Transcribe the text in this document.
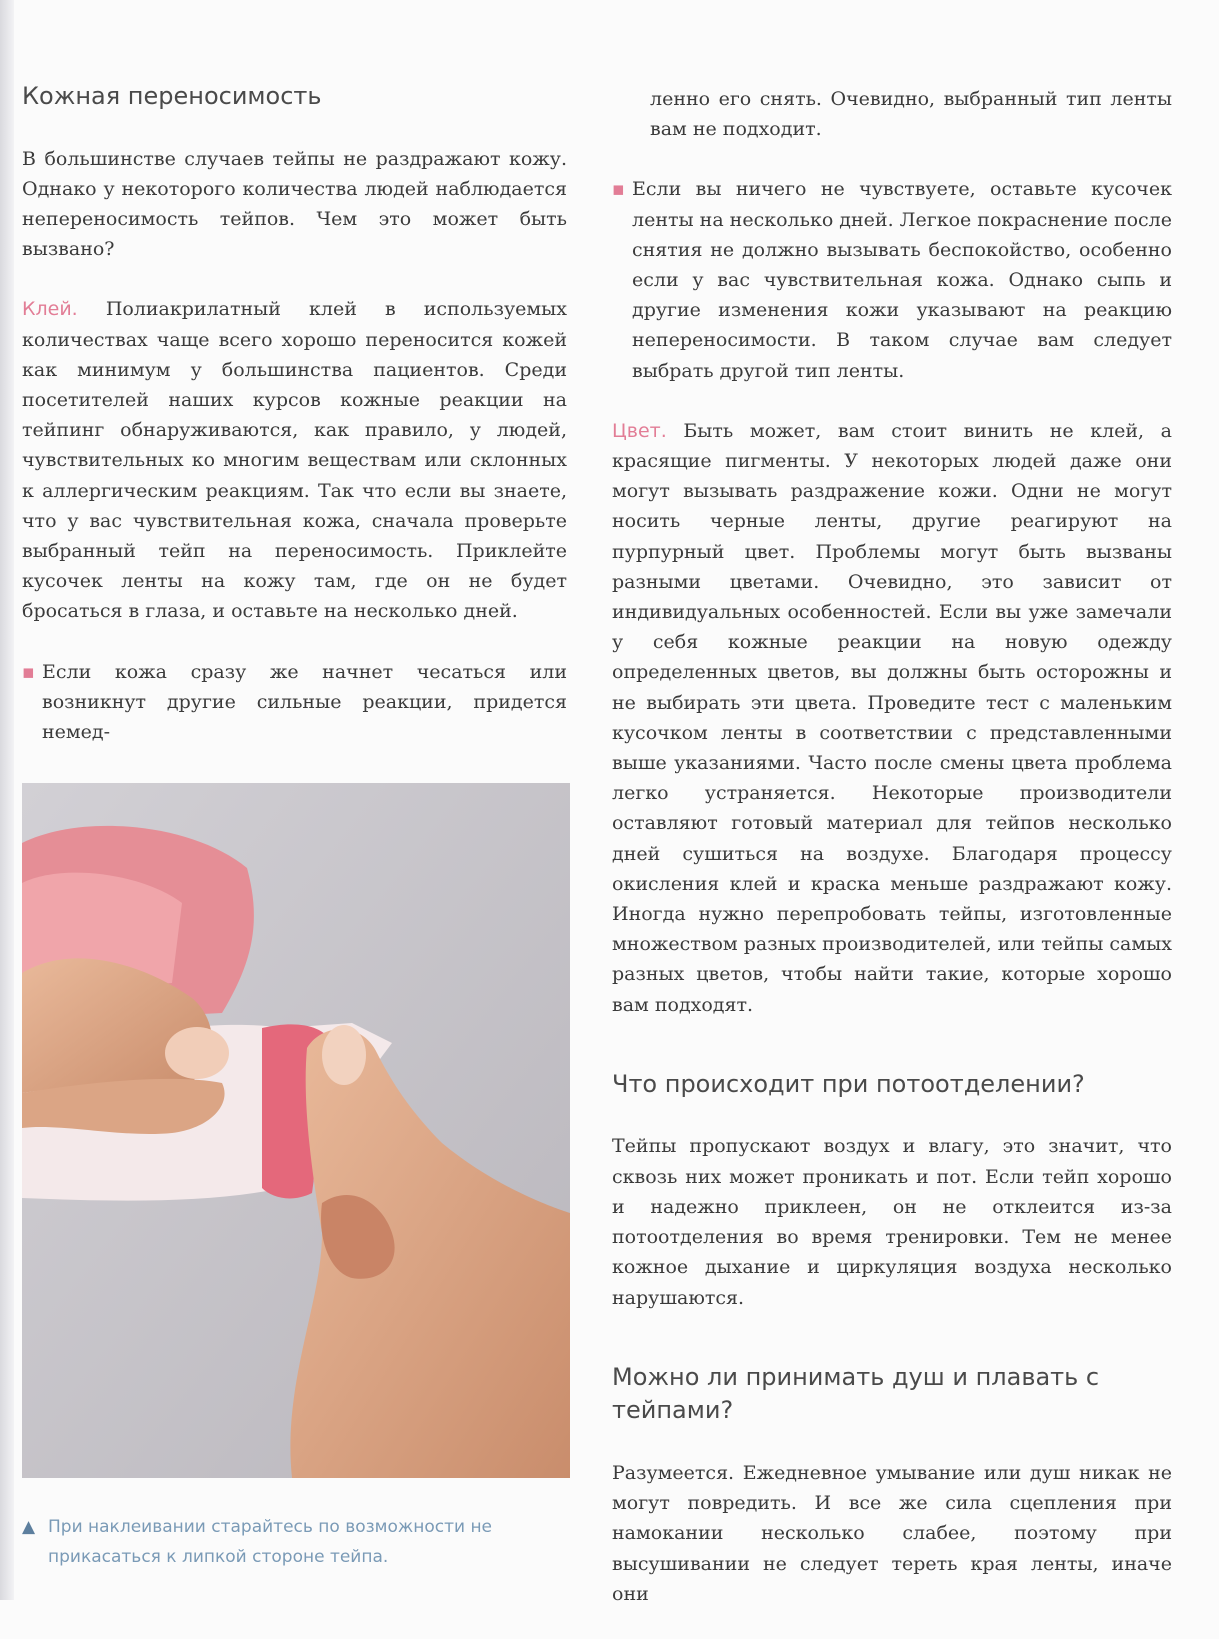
Кожная переносимость

В большинстве случаев тейпы не раздражают кожу. Однако у некоторого количества людей наблюдается непереносимость тейпов. Чем это может быть вызвано?

Клей. Полиакрилатный клей в используемых количествах чаще всего хорошо переносится кожей как минимум у большинства пациентов. Среди посетителей наших курсов кожные реакции на тейпинг обнаруживаются, как правило, у людей, чувствительных ко многим веществам или склонных к аллергическим реакциям. Так что если вы знаете, что у вас чувствительная кожа, сначала проверьте выбранный тейп на переносимость. Приклейте кусочек ленты на кожу там, где он не будет бросаться в глаза, и оставьте на несколько дней.

▪ Если кожа сразу же начнет чесаться или возникнут другие сильные реакции, придется немед-

▲ При наклеивании старайтесь по возможности не прикасаться к липкой стороне тейпа.

ленно его снять. Очевидно, выбранный тип ленты вам не подходит.

▪ Если вы ничего не чувствуете, оставьте кусочек ленты на несколько дней. Легкое покраснение после снятия не должно вызывать беспокойство, особенно если у вас чувствительная кожа. Однако сыпь и другие изменения кожи указывают на реакцию непереносимости. В таком случае вам следует выбрать другой тип ленты.

Цвет. Быть может, вам стоит винить не клей, а красящие пигменты. У некоторых людей даже они могут вызывать раздражение кожи. Одни не могут носить черные ленты, другие реагируют на пурпурный цвет. Проблемы могут быть вызваны разными цветами. Очевидно, это зависит от индивидуальных особенностей. Если вы уже замечали у себя кожные реакции на новую одежду определенных цветов, вы должны быть осторожны и не выбирать эти цвета. Проведите тест с маленьким кусочком ленты в соответствии с представленными выше указаниями. Часто после смены цвета проблема легко устраняется. Некоторые производители оставляют готовый материал для тейпов несколько дней сушиться на воздухе. Благодаря процессу окисления клей и краска меньше раздражают кожу. Иногда нужно перепробовать тейпы, изготовленные множеством разных производителей, или тейпы самых разных цветов, чтобы найти такие, которые хорошо вам подходят.

Что происходит при потоотделении?

Тейпы пропускают воздух и влагу, это значит, что сквозь них может проникать и пот. Если тейп хорошо и надежно приклеен, он не отклеится из-за потоотделения во время тренировки. Тем не менее кожное дыхание и циркуляция воздуха несколько нарушаются.

Можно ли принимать душ и плавать с тейпами?

Разумеется. Ежедневное умывание или душ никак не могут повредить. И все же сила сцепления при намокании несколько слабее, поэтому при высушивании не следует тереть края ленты, иначе они
